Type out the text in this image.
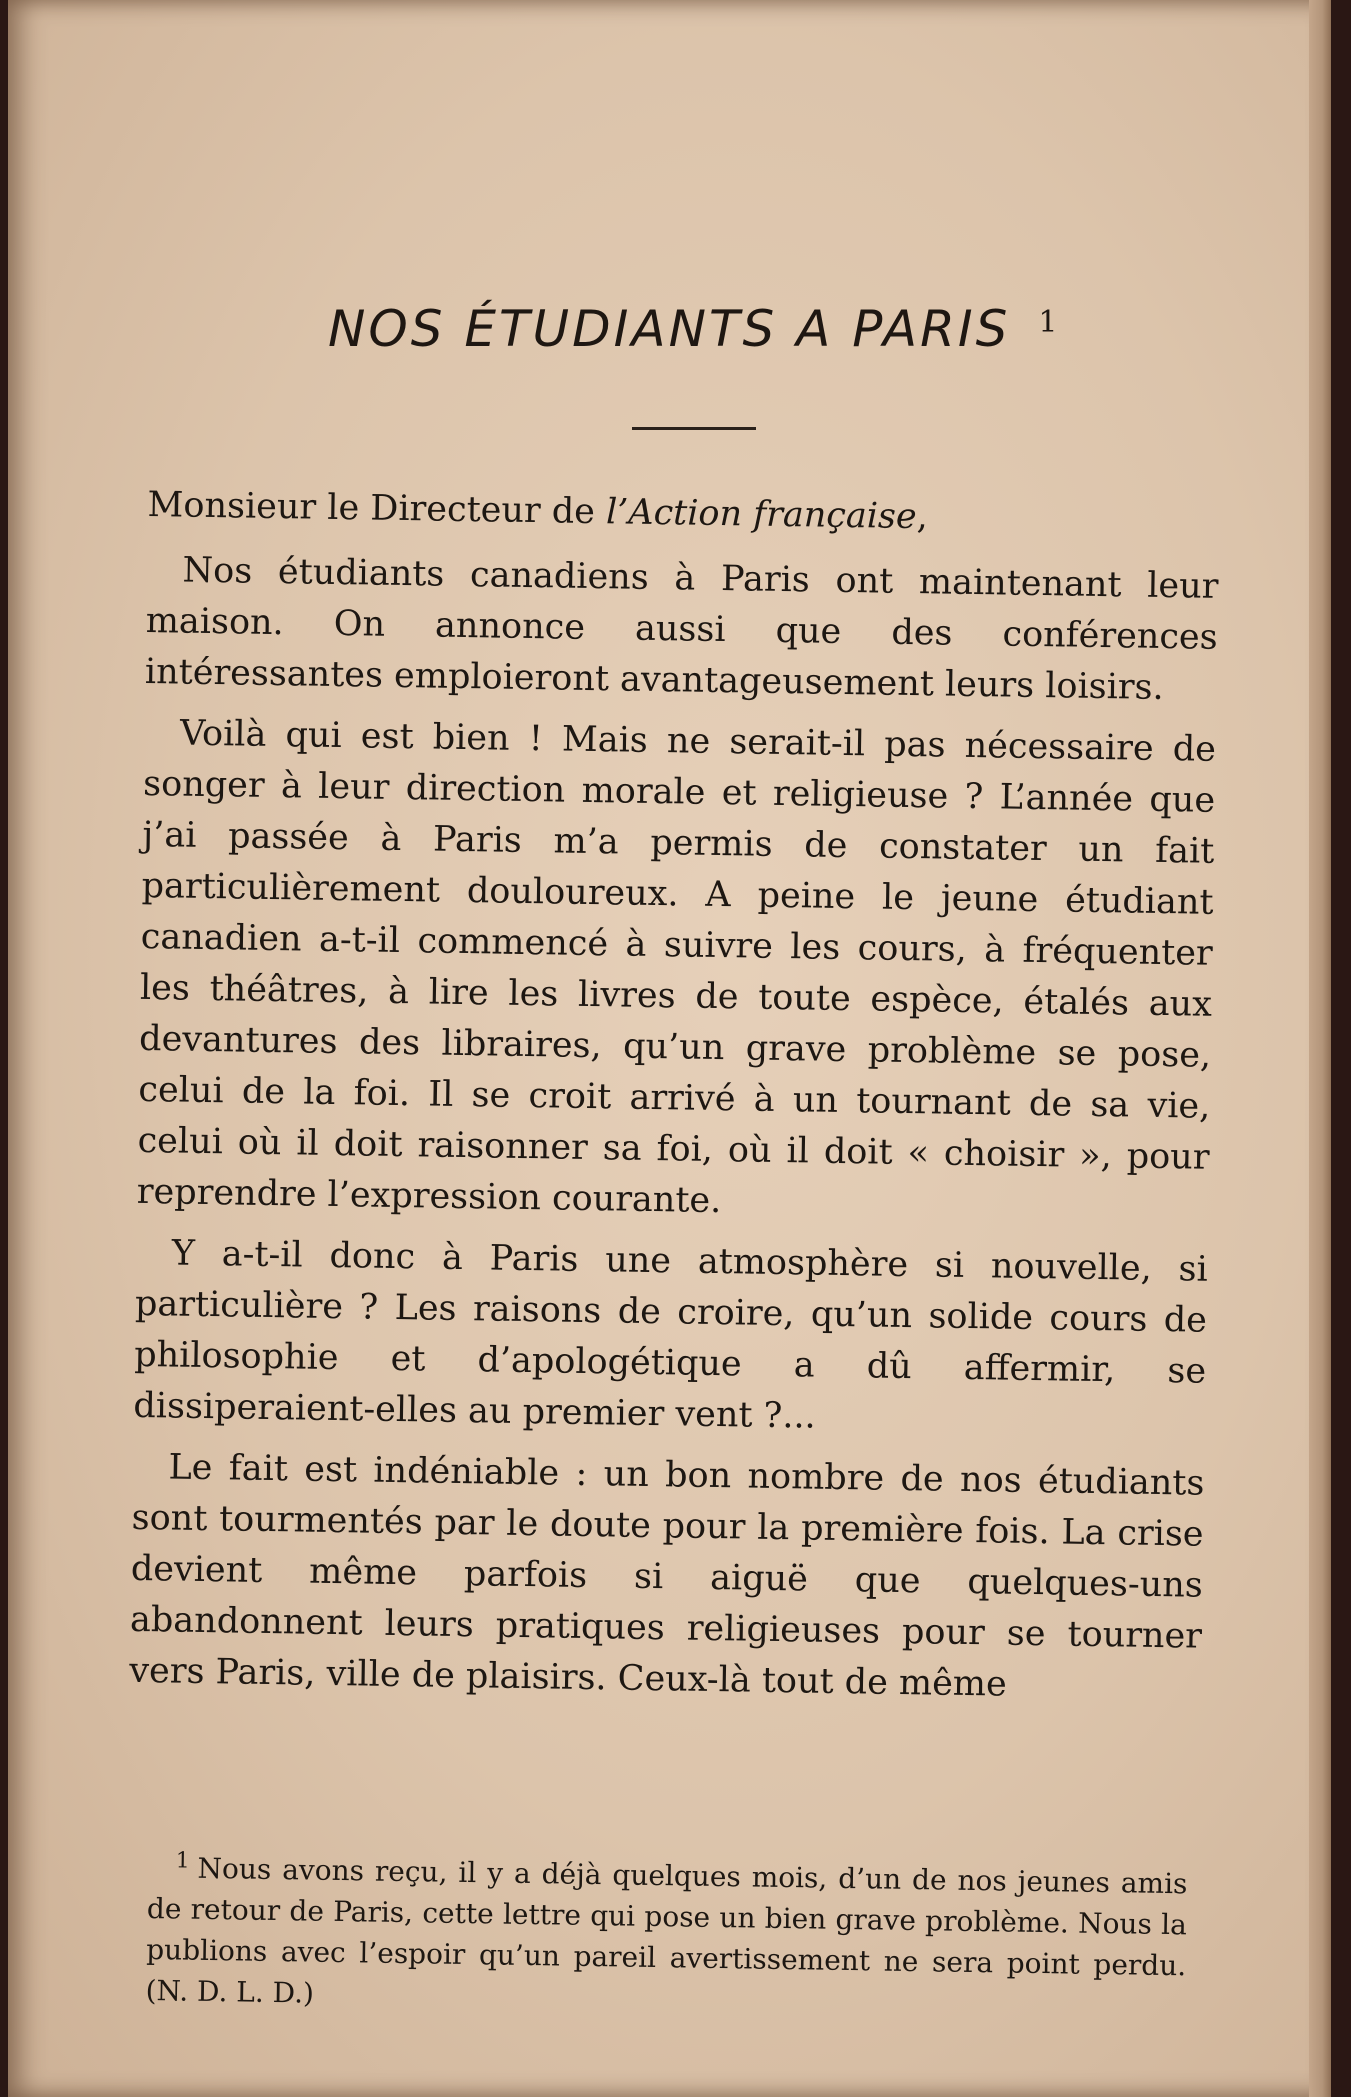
NOS ÉTUDIANTS A PARIS 1

Monsieur le Directeur de l’Action française,

Nos étudiants canadiens à Paris ont maintenant leur maison. On annonce aussi que des conférences intéressantes emploieront avantageusement leurs loisirs.

Voilà qui est bien ! Mais ne serait-il pas nécessaire de songer à leur direction morale et religieuse ? L’année que j’ai passée à Paris m’a permis de constater un fait particulièrement douloureux. A peine le jeune étudiant canadien a-t-il commencé à suivre les cours, à fréquenter les théâtres, à lire les livres de toute espèce, étalés aux devantures des libraires, qu’un grave problème se pose, celui de la foi. Il se croit arrivé à un tournant de sa vie, celui où il doit raisonner sa foi, où il doit « choisir », pour reprendre l’expression courante.

Y a-t-il donc à Paris une atmosphère si nouvelle, si particulière ? Les raisons de croire, qu’un solide cours de philosophie et d’apologétique a dû affermir, se dissiperaient-elles au premier vent ?...

Le fait est indéniable : un bon nombre de nos étudiants sont tourmentés par le doute pour la première fois. La crise devient même parfois si aiguë que quelques-uns abandonnent leurs pratiques religieuses pour se tourner vers Paris, ville de plaisirs. Ceux-là tout de même

1 Nous avons reçu, il y a déjà quelques mois, d’un de nos jeunes amis de retour de Paris, cette lettre qui pose un bien grave problème. Nous la publions avec l’espoir qu’un pareil avertissement ne sera point perdu. (N. D. L. D.)
